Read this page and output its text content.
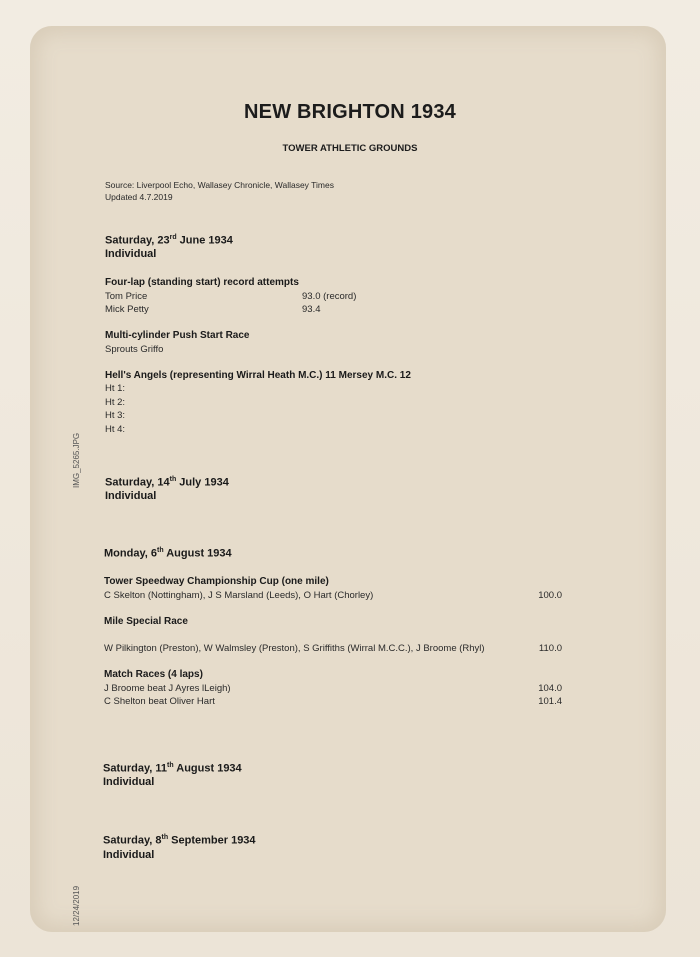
IMG_5265.JPG
12/24/2019
NEW BRIGHTON 1934
TOWER ATHLETIC GROUNDS
Source: Liverpool Echo, Wallasey Chronicle, Wallasey Times
Updated 4.7.2019
Saturday, 23rd June 1934
Individual
Four-lap (standing start) record attempts
Tom Price	93.0 (record)
Mick Petty	93.4
Multi-cylinder Push Start Race
Sprouts Griffo
Hell's Angels (representing Wirral Heath M.C.) 11 Mersey M.C. 12
Ht 1:
Ht 2:
Ht 3:
Ht 4:
Saturday, 14th July 1934
Individual
Monday, 6th August 1934
Tower Speedway Championship Cup (one mile)
C Skelton (Nottingham), J S Marsland (Leeds), O Hart (Chorley)	100.0
Mile Special Race
W Pilkington (Preston), W Walmsley (Preston), S Griffiths (Wirral M.C.C.), J Broome (Rhyl)	110.0
Match Races (4 laps)
J Broome beat J Ayres lLeigh)	104.0
C Shelton beat Oliver Hart	101.4
Saturday, 11th August 1934
Individual
Saturday, 8th September 1934
Individual
